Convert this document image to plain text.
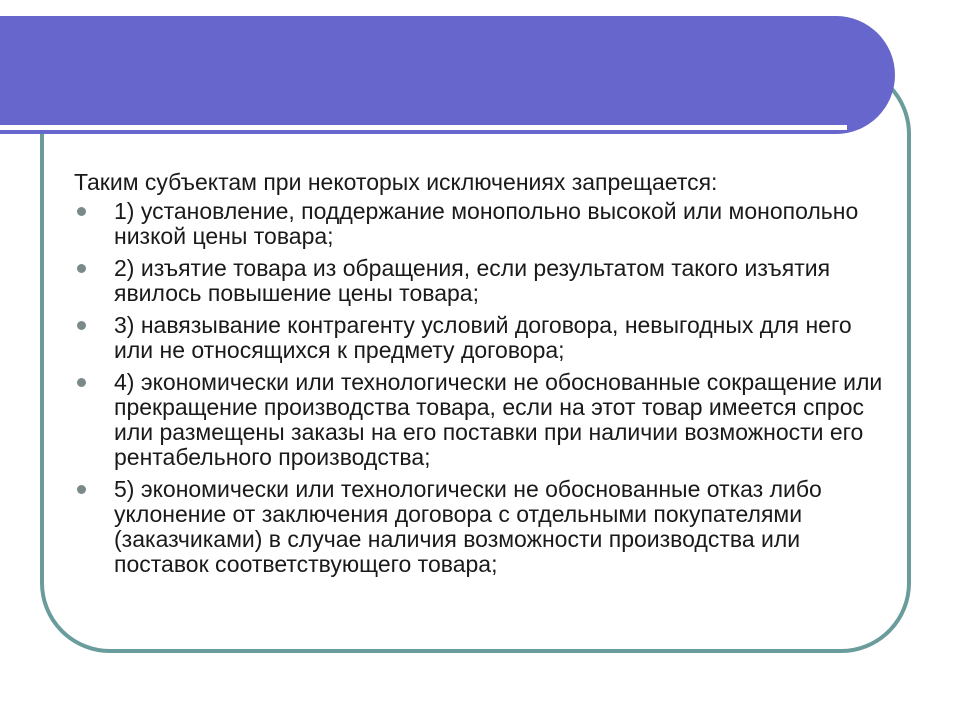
Таким субъектам при некоторых исключениях запрещается:

1) установление, поддержание монопольно высокой или монопольно низкой цены товара;
2) изъятие товара из обращения, если результатом такого изъятия явилось повышение цены товара;
3) навязывание контрагенту условий договора, невыгодных для него или не относящихся к предмету договора;
4) экономически или технологически не обоснованные сокращение или прекращение производства товара, если на этот товар имеется спрос или размещены заказы на его поставки при наличии возможности его рентабельного производства;
5) экономически или технологически не обоснованные отказ либо уклонение от заключения договора с отдельными покупателями (заказчиками) в случае наличия возможности производства или поставок соответствующего товара;
